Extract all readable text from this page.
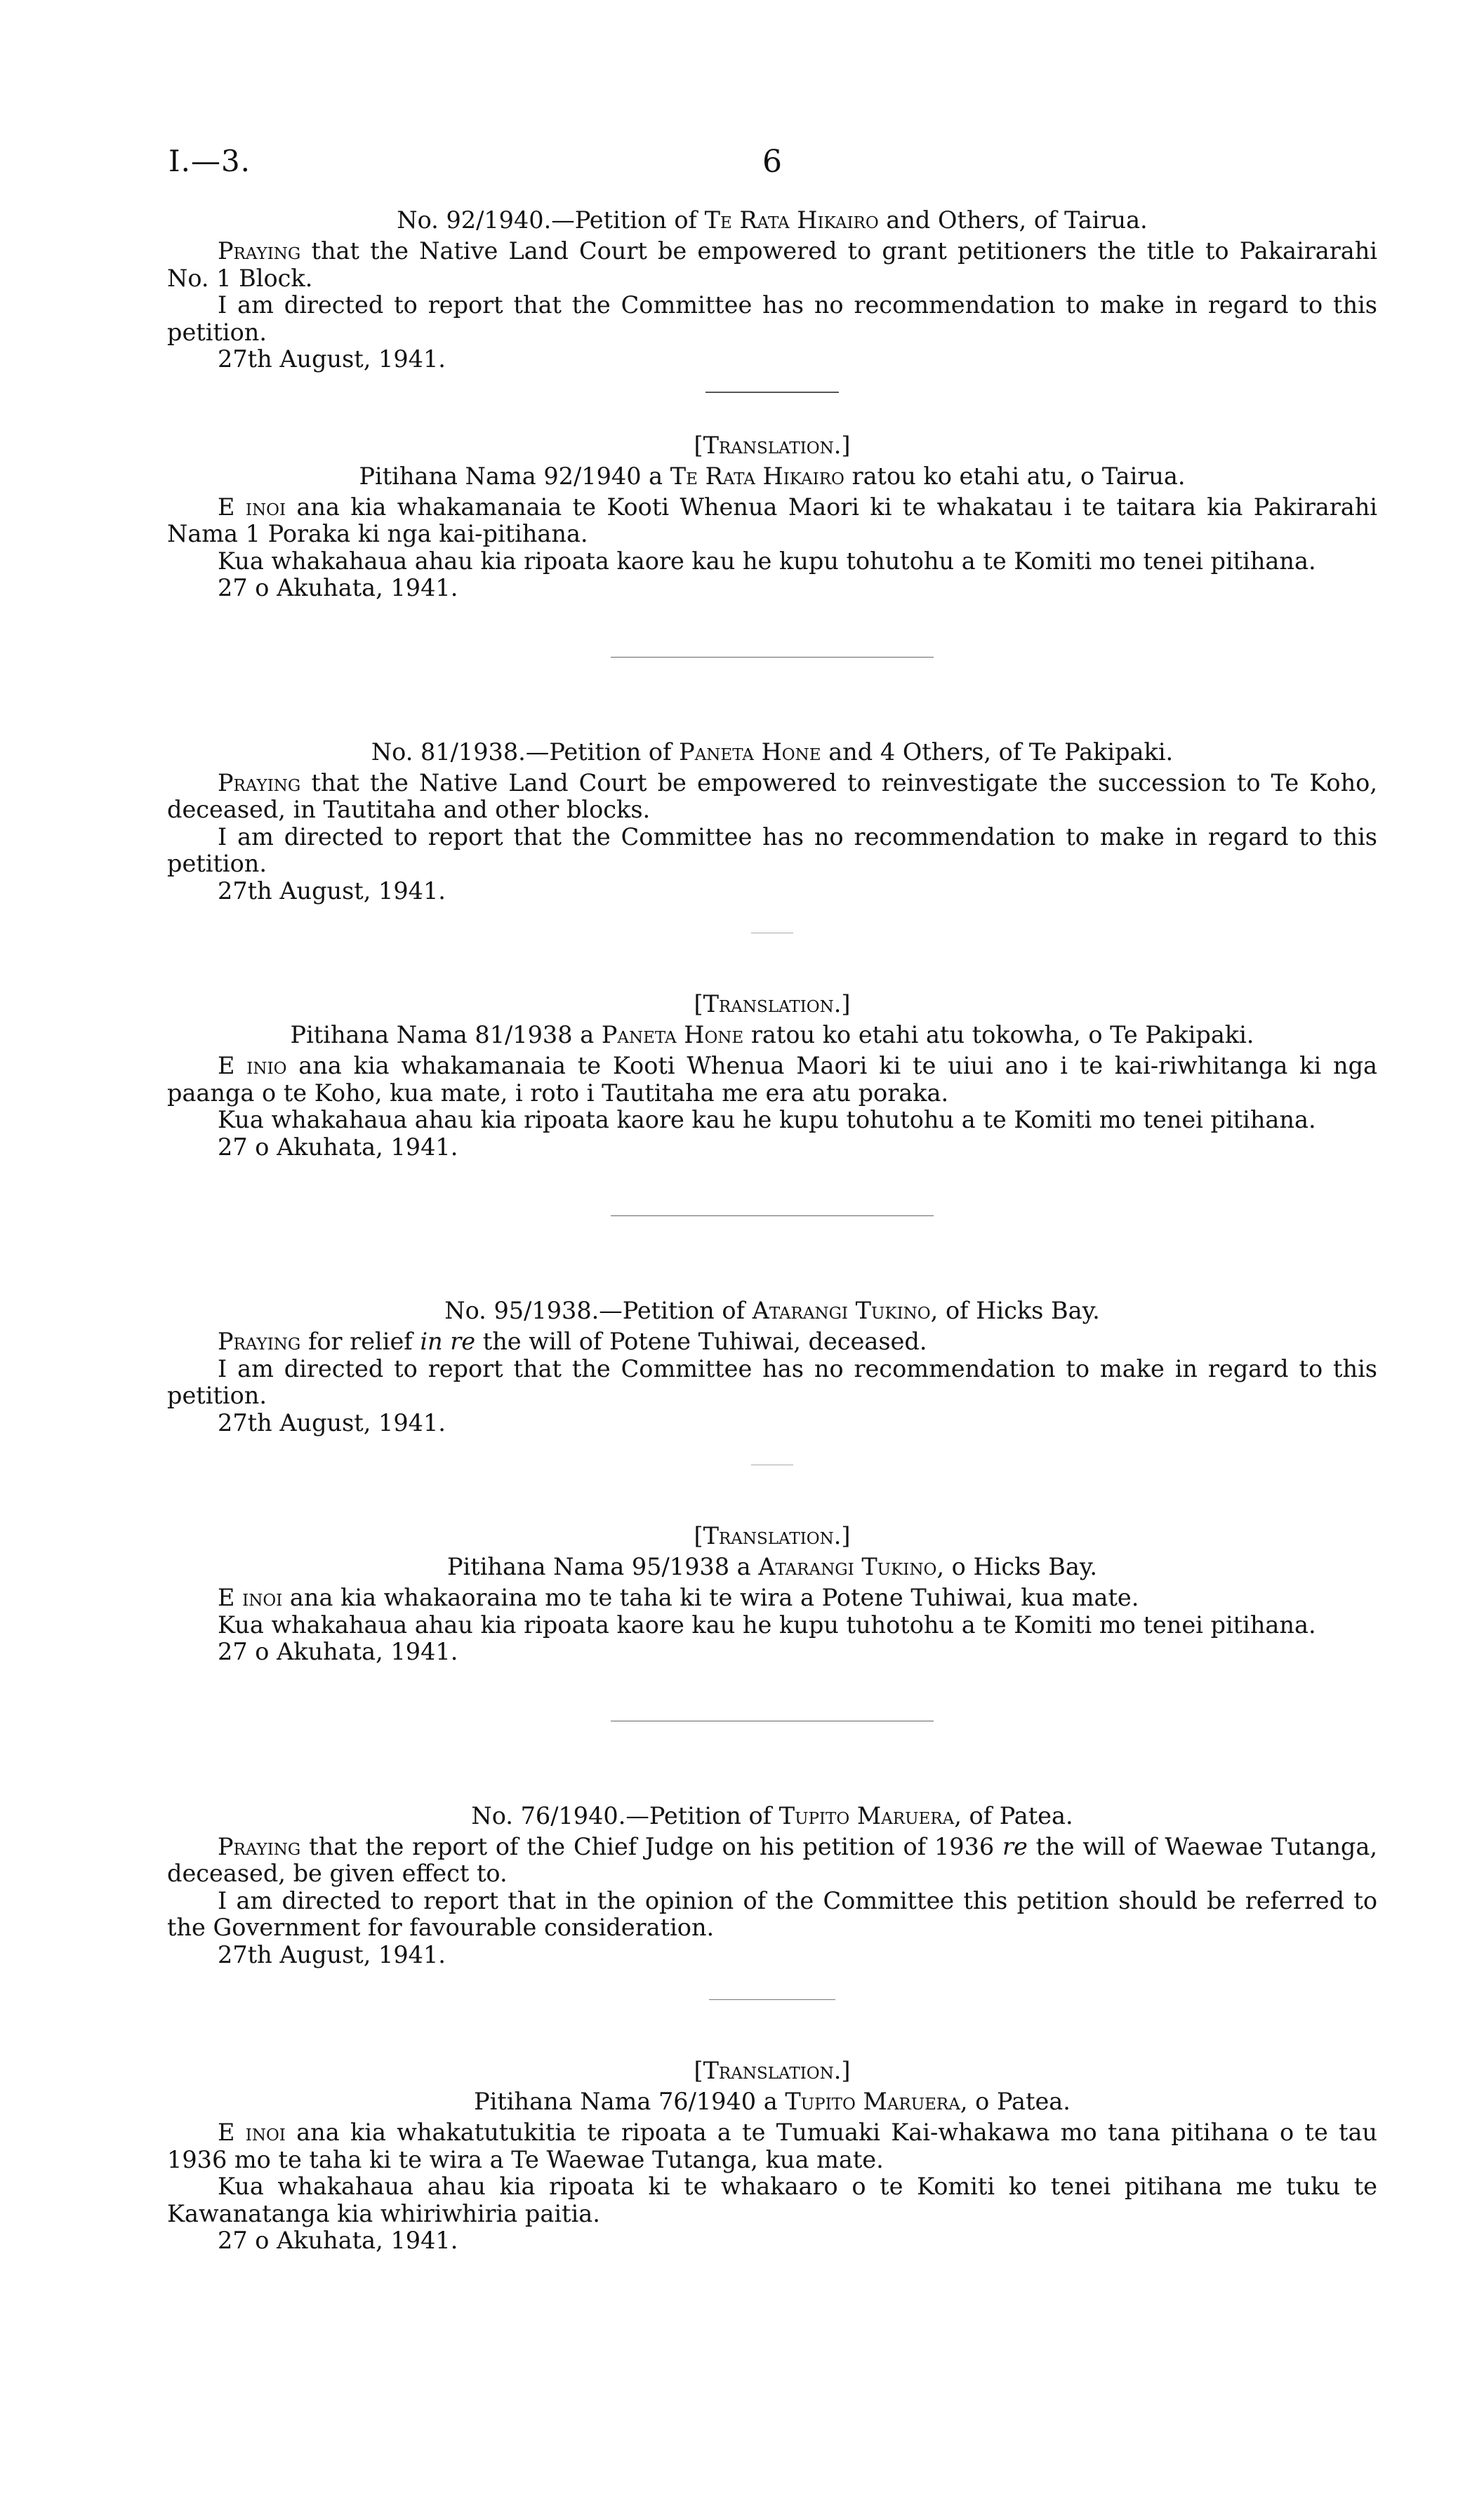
I.—3.	6
No. 92/1940.—Petition of Te Rata Hikairo and Others, of Tairua.

Praying that the Native Land Court be empowered to grant petitioners the title to Pakairarahi No. 1 Block.

I am directed to report that the Committee has no recommendation to make in regard to this petition.

27th August, 1941.

[Translation.]
Pitihana Nama 92/1940 a Te Rata Hikairo ratou ko etahi atu, o Tairua.

E inoi ana kia whakamanaia te Kooti Whenua Maori ki te whakatau i te taitara kia Pakirarahi Nama 1 Poraka ki nga kai-pitihana.

Kua whakahaua ahau kia ripoata kaore kau he kupu tohutohu a te Komiti mo tenei pitihana.

27 o Akuhata, 1941.

No. 81/1938.—Petition of Paneta Hone and 4 Others, of Te Pakipaki.

Praying that the Native Land Court be empowered to reinvestigate the succession to Te Koho, deceased, in Tautitaha and other blocks.

I am directed to report that the Committee has no recommendation to make in regard to this petition.

27th August, 1941.

[Translation.]
Pitihana Nama 81/1938 a Paneta Hone ratou ko etahi atu tokowha, o Te Pakipaki.

E inio ana kia whakamanaia te Kooti Whenua Maori ki te uiui ano i te kai-riwhitanga ki nga paanga o te Koho, kua mate, i roto i Tautitaha me era atu poraka.

Kua whakahaua ahau kia ripoata kaore kau he kupu tohutohu a te Komiti mo tenei pitihana.

27 o Akuhata, 1941.

No. 95/1938.—Petition of Atarangi Tukino, of Hicks Bay.

Praying for relief in re the will of Potene Tuhiwai, deceased.

I am directed to report that the Committee has no recommendation to make in regard to this petition.

27th August, 1941.

[Translation.]
Pitihana Nama 95/1938 a Atarangi Tukino, o Hicks Bay.

E inoi ana kia whakaoraina mo te taha ki te wira a Potene Tuhiwai, kua mate.

Kua whakahaua ahau kia ripoata kaore kau he kupu tuhotohu a te Komiti mo tenei pitihana.

27 o Akuhata, 1941.

No. 76/1940.—Petition of Tupito Maruera, of Patea.

Praying that the report of the Chief Judge on his petition of 1936 re the will of Waewae Tutanga, deceased, be given effect to.

I am directed to report that in the opinion of the Committee this petition should be referred to the Government for favourable consideration.

27th August, 1941.

[Translation.]
Pitihana Nama 76/1940 a Tupito Maruera, o Patea.

E inoi ana kia whakatutukitia te ripoata a te Tumuaki Kai-whakawa mo tana pitihana o te tau 1936 mo te taha ki te wira a Te Waewae Tutanga, kua mate.

Kua whakahaua ahau kia ripoata ki te whakaaro o te Komiti ko tenei pitihana me tuku te Kawanatanga kia whiriwhiria paitia.

27 o Akuhata, 1941.
